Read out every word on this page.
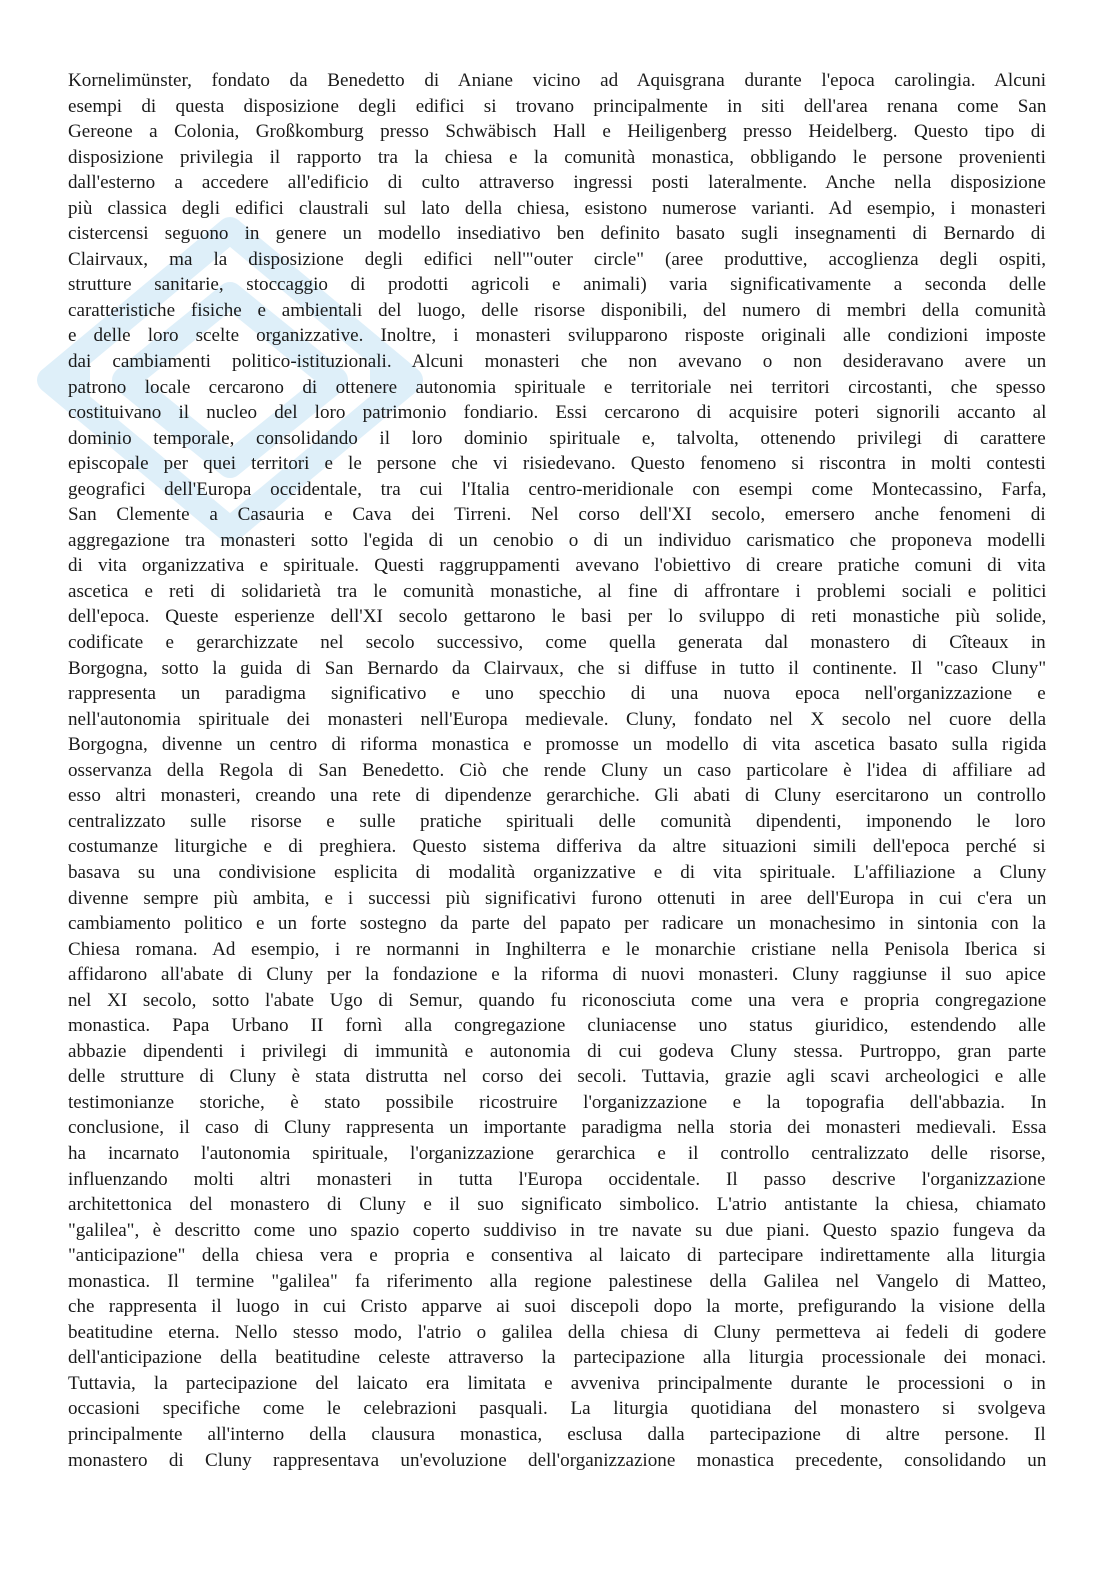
Kornelimünster, fondato da Benedetto di Aniane vicino ad Aquisgrana durante l'epoca carolingia. Alcuni
esempi di questa disposizione degli edifici si trovano principalmente in siti dell'area renana come San
Gereone a Colonia, Großkomburg presso Schwäbisch Hall e Heiligenberg presso Heidelberg. Questo tipo di
disposizione privilegia il rapporto tra la chiesa e la comunità monastica, obbligando le persone provenienti
dall'esterno a accedere all'edificio di culto attraverso ingressi posti lateralmente. Anche nella disposizione
più classica degli edifici claustrali sul lato della chiesa, esistono numerose varianti. Ad esempio, i monasteri
cistercensi seguono in genere un modello insediativo ben definito basato sugli insegnamenti di Bernardo di
Clairvaux, ma la disposizione degli edifici nell'"outer circle" (aree produttive, accoglienza degli ospiti,
strutture sanitarie, stoccaggio di prodotti agricoli e animali) varia significativamente a seconda delle
caratteristiche fisiche e ambientali del luogo, delle risorse disponibili, del numero di membri della comunità
e delle loro scelte organizzative. Inoltre, i monasteri svilupparono risposte originali alle condizioni imposte
dai cambiamenti politico-istituzionali. Alcuni monasteri che non avevano o non desideravano avere un
patrono locale cercarono di ottenere autonomia spirituale e territoriale nei territori circostanti, che spesso
costituivano il nucleo del loro patrimonio fondiario. Essi cercarono di acquisire poteri signorili accanto al
dominio temporale, consolidando il loro dominio spirituale e, talvolta, ottenendo privilegi di carattere
episcopale per quei territori e le persone che vi risiedevano. Questo fenomeno si riscontra in molti contesti
geografici dell'Europa occidentale, tra cui l'Italia centro-meridionale con esempi come Montecassino, Farfa,
San Clemente a Casauria e Cava dei Tirreni. Nel corso dell'XI secolo, emersero anche fenomeni di
aggregazione tra monasteri sotto l'egida di un cenobio o di un individuo carismatico che proponeva modelli
di vita organizzativa e spirituale. Questi raggruppamenti avevano l'obiettivo di creare pratiche comuni di vita
ascetica e reti di solidarietà tra le comunità monastiche, al fine di affrontare i problemi sociali e politici
dell'epoca. Queste esperienze dell'XI secolo gettarono le basi per lo sviluppo di reti monastiche più solide,
codificate e gerarchizzate nel secolo successivo, come quella generata dal monastero di Cîteaux in
Borgogna, sotto la guida di San Bernardo da Clairvaux, che si diffuse in tutto il continente. Il "caso Cluny"
rappresenta un paradigma significativo e uno specchio di una nuova epoca nell'organizzazione e
nell'autonomia spirituale dei monasteri nell'Europa medievale. Cluny, fondato nel X secolo nel cuore della
Borgogna, divenne un centro di riforma monastica e promosse un modello di vita ascetica basato sulla rigida
osservanza della Regola di San Benedetto. Ciò che rende Cluny un caso particolare è l'idea di affiliare ad
esso altri monasteri, creando una rete di dipendenze gerarchiche. Gli abati di Cluny esercitarono un controllo
centralizzato sulle risorse e sulle pratiche spirituali delle comunità dipendenti, imponendo le loro
costumanze liturgiche e di preghiera. Questo sistema differiva da altre situazioni simili dell'epoca perché si
basava su una condivisione esplicita di modalità organizzative e di vita spirituale. L'affiliazione a Cluny
divenne sempre più ambita, e i successi più significativi furono ottenuti in aree dell'Europa in cui c'era un
cambiamento politico e un forte sostegno da parte del papato per radicare un monachesimo in sintonia con la
Chiesa romana. Ad esempio, i re normanni in Inghilterra e le monarchie cristiane nella Penisola Iberica si
affidarono all'abate di Cluny per la fondazione e la riforma di nuovi monasteri. Cluny raggiunse il suo apice
nel XI secolo, sotto l'abate Ugo di Semur, quando fu riconosciuta come una vera e propria congregazione
monastica. Papa Urbano II fornì alla congregazione cluniacense uno status giuridico, estendendo alle
abbazie dipendenti i privilegi di immunità e autonomia di cui godeva Cluny stessa. Purtroppo, gran parte
delle strutture di Cluny è stata distrutta nel corso dei secoli. Tuttavia, grazie agli scavi archeologici e alle
testimonianze storiche, è stato possibile ricostruire l'organizzazione e la topografia dell'abbazia. In
conclusione, il caso di Cluny rappresenta un importante paradigma nella storia dei monasteri medievali. Essa
ha incarnato l'autonomia spirituale, l'organizzazione gerarchica e il controllo centralizzato delle risorse,
influenzando molti altri monasteri in tutta l'Europa occidentale. Il passo descrive l'organizzazione
architettonica del monastero di Cluny e il suo significato simbolico. L'atrio antistante la chiesa, chiamato
"galilea", è descritto come uno spazio coperto suddiviso in tre navate su due piani. Questo spazio fungeva da
"anticipazione" della chiesa vera e propria e consentiva al laicato di partecipare indirettamente alla liturgia
monastica. Il termine "galilea" fa riferimento alla regione palestinese della Galilea nel Vangelo di Matteo,
che rappresenta il luogo in cui Cristo apparve ai suoi discepoli dopo la morte, prefigurando la visione della
beatitudine eterna. Nello stesso modo, l'atrio o galilea della chiesa di Cluny permetteva ai fedeli di godere
dell'anticipazione della beatitudine celeste attraverso la partecipazione alla liturgia processionale dei monaci.
Tuttavia, la partecipazione del laicato era limitata e avveniva principalmente durante le processioni o in
occasioni specifiche come le celebrazioni pasquali. La liturgia quotidiana del monastero si svolgeva
principalmente all'interno della clausura monastica, esclusa dalla partecipazione di altre persone. Il
monastero di Cluny rappresentava un'evoluzione dell'organizzazione monastica precedente, consolidando un
